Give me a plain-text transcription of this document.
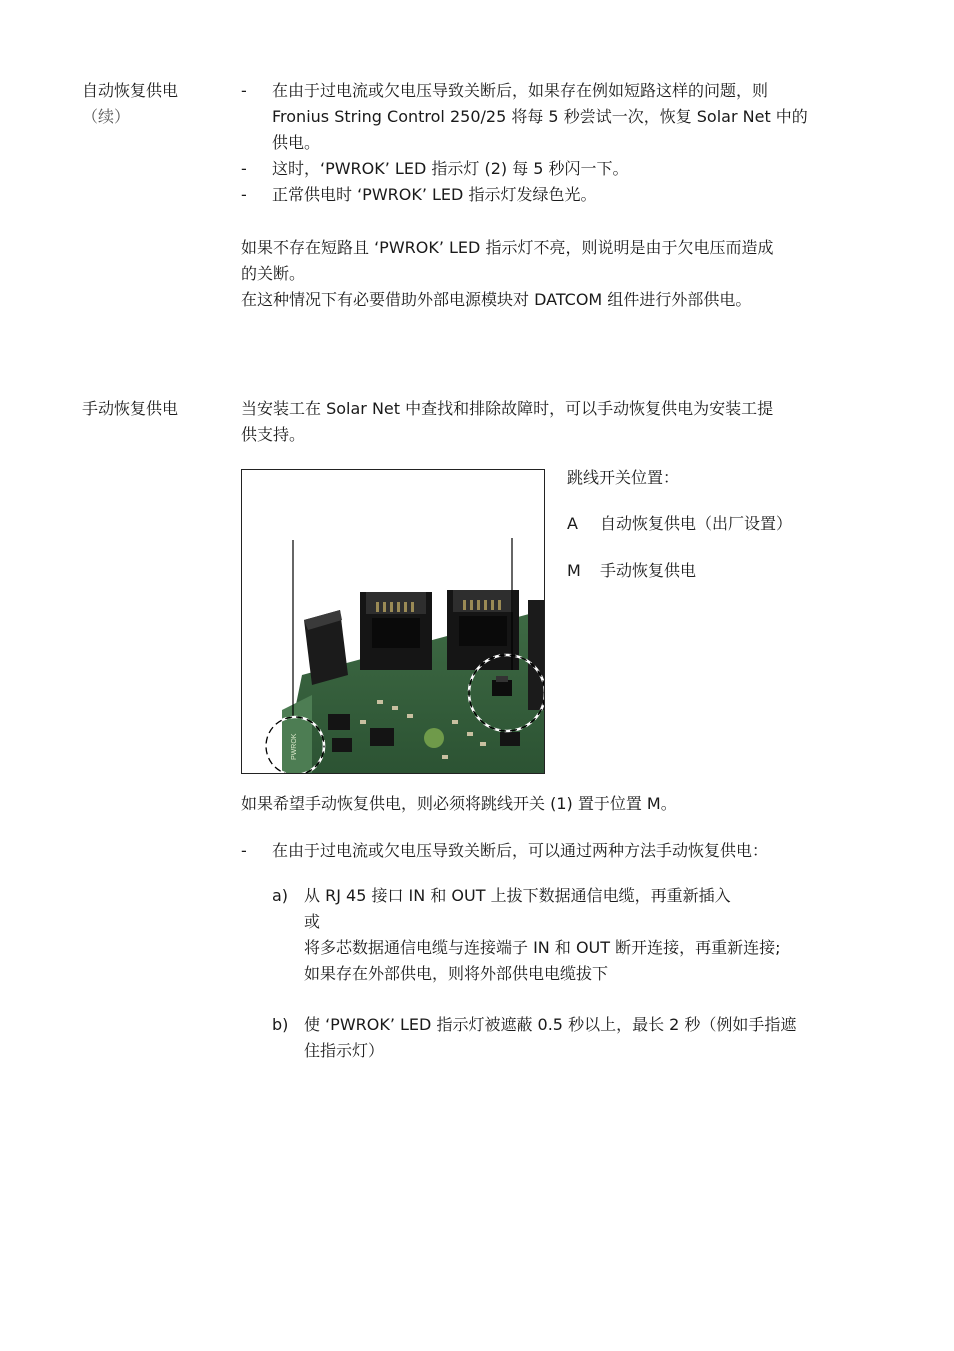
自动恢复供电
（续）
- 在由于过电流或欠电压导致关断后，如果存在例如短路这样的问题，则
Fronius String Control 250/25 将每 5 秒尝试一次，恢复 Solar Net 中的
供电。
- 这时，‘PWROK’ LED 指示灯 (2) 每 5 秒闪一下。
- 正常供电时 ‘PWROK’ LED 指示灯发绿色光。
如果不存在短路且 ‘PWROK’ LED 指示灯不亮，则说明是由于欠电压而造成
的关断。
在这种情况下有必要借助外部电源模块对 DATCOM 组件进行外部供电。
手动恢复供电	当安装工在 Solar Net 中查找和排除故障时，可以手动恢复供电为安装工提
供支持。
PWROK
跳线开关位置：
A	自动恢复供电（出厂设置）
M	手动恢复供电
如果希望手动恢复供电，则必须将跳线开关 (1) 置于位置 M。
- 在由于过电流或欠电压导致关断后，可以通过两种方法手动恢复供电：
a) 从 RJ 45 接口 IN 和 OUT 上拔下数据通信电缆，再重新插入
或
将多芯数据通信电缆与连接端子 IN 和 OUT 断开连接，再重新连接;
如果存在外部供电，则将外部供电电缆拔下
b) 使 ‘PWROK’ LED 指示灯被遮蔽 0.5 秒以上，最长 2 秒（例如手指遮
住指示灯）
